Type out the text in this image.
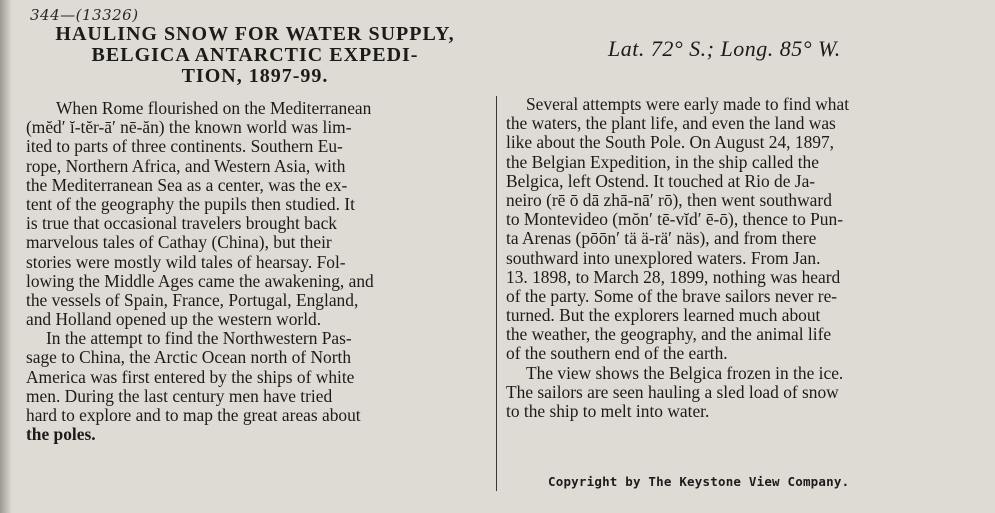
344—(13326)
HAULING SNOW FOR WATER SUPPLY,
BELGICA ANTARCTIC EXPEDI-
TION, 1897-99.
Lat. 72° S.; Long. 85° W.
When Rome flourished on the Mediterranean
(mĕd′ ĭ-tĕr-ā′ nē-ăn) the known world was lim-
ited to parts of three continents. Southern Eu-
rope, Northern Africa, and Western Asia, with
the Mediterranean Sea as a center, was the ex-
tent of the geography the pupils then studied. It
is true that occasional travelers brought back
marvelous tales of Cathay (China), but their
stories were mostly wild tales of hearsay. Fol-
lowing the Middle Ages came the awakening, and
the vessels of Spain, France, Portugal, England,
and Holland opened up the western world.
In the attempt to find the Northwestern Pas-
sage to China, the Arctic Ocean north of North
America was first entered by the ships of white
men. During the last century men have tried
hard to explore and to map the great areas about
the poles.
Several attempts were early made to find what
the waters, the plant life, and even the land was
like about the South Pole. On August 24, 1897,
the Belgian Expedition, in the ship called the
Belgica, left Ostend. It touched at Rio de Ja-
neiro (rē ō dā zhā-nā′ rō), then went southward
to Montevideo (mŏn′ tē-vĭd′ ē-ō), thence to Pun-
ta Arenas (pōōn′ tä ä-rä′ näs), and from there
southward into unexplored waters. From Jan.
13. 1898, to March 28, 1899, nothing was heard
of the party. Some of the brave sailors never re-
turned. But the explorers learned much about
the weather, the geography, and the animal life
of the southern end of the earth.
The view shows the Belgica frozen in the ice.
The sailors are seen hauling a sled load of snow
to the ship to melt into water.
Copyright by The Keystone View Company.
